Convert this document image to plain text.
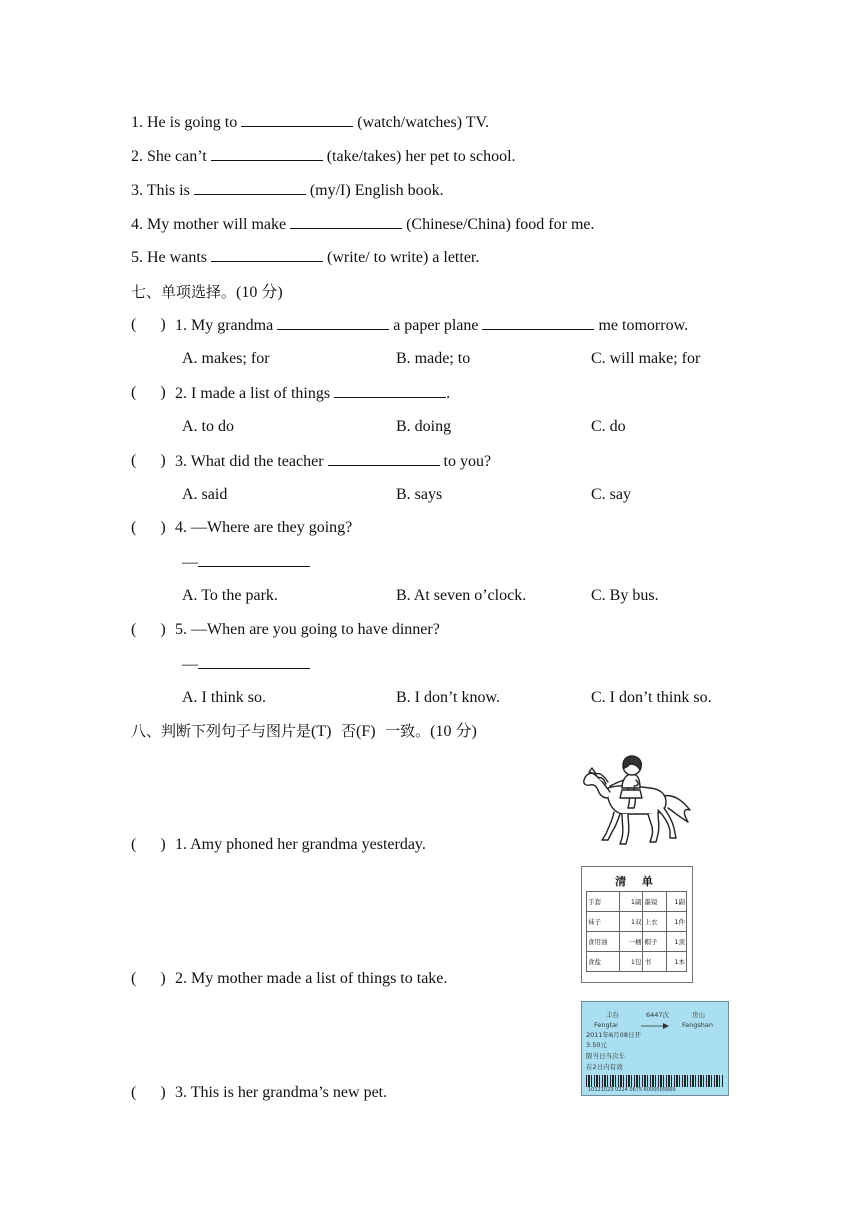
1. He is going to	(watch/watches) TV.
2. She can’t	(take/takes) her pet to school.
3. This is	(my/I) English book.
4. My mother will make	(Chinese/China) food for me.
5. He wants	(write/ to write) a letter.
七、单项选择。(10 分)
(      ) 1. My grandma	a paper plane	me tomorrow.
A. makes; for	B. made; to	C. will make; for
(      ) 2. I made a list of things	.
A. to do	B. doing	C. do
(      ) 3. What did the teacher	to you?
A. said	B. says	C. say
(      ) 4. —Where are they going?
—
A. To the park.	B. At seven o’clock.	C. By bus.
(      ) 5. —When are you going to have dinner?
—
A. I think so.	B. I don’t know.	C. I don’t think so.
八、判断下列句子与图片是(T) 否(F) 一致。(10 分)
(      ) 1. Amy phoned her grandma yesterday.
(      ) 2. My mother made a list of things to take.
(      ) 3. This is her grandma’s new pet.
清 单
手套	1副	墨镜	1副
袜子	1双	上衣	1件
食用油	一桶	帽子	1顶
食盐	1包	书	1本
丰台	6447次	房山
Fengtai	Fangshan
2011年6月08日开
3.50元
限当日当次车
在2日内有效
10121023 0224 0675 6000005669
